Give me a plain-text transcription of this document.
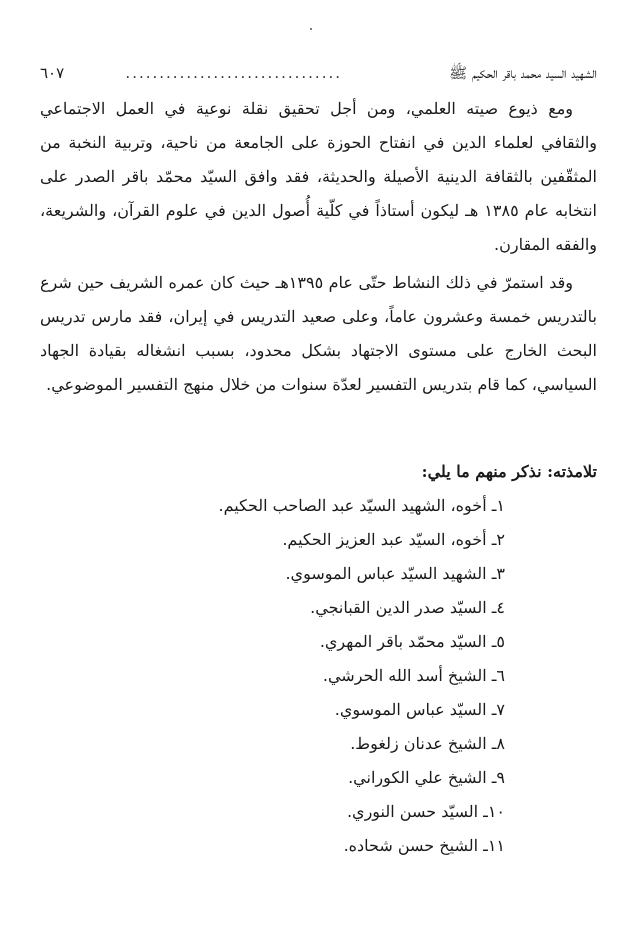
الشهيد السيد محمد باقر الحكيم ﷺ
................................
٦٠٧

ومع ذيوع صيته العلمي، ومن أجل تحقيق نقلة نوعية في العمل الاجتماعي والثقافي لعلماء الدين في انفتاح الحوزة على الجامعة من ناحية، وتربية النخبة من المثقّفين بالثقافة الدينية الأصيلة والحديثة، فقد وافق السيّد محمّد باقر الصدر على انتخابه عام ١٣٨٥ هـ ليكون أستاذاً في كلّية أُصول الدين في علوم القرآن، والشريعة، والفقه المقارن.

وقد استمرّ في ذلك النشاط حتّى عام ١٣٩٥هـ حيث كان عمره الشريف حين شرع بالتدريس خمسة وعشرون عاماً، وعلى صعيد التدريس في إيران، فقد مارس تدريس البحث الخارج على مستوى الاجتهاد بشكل محدود، بسبب انشغاله بقيادة الجهاد السياسي، كما قام بتدريس التفسير لعدّة سنوات من خلال منهج التفسير الموضوعي.

تلامذته: نذكر منهم ما يلي:
١ـ أخوه، الشهيد السيّد عبد الصاحب الحكيم.
٢ـ أخوه، السيّد عبد العزيز الحكيم.
٣ـ الشهيد السيّد عباس الموسوي.
٤ـ السيّد صدر الدين القبانجي.
٥ـ السيّد محمّد باقر المهري.
٦ـ الشيخ أسد الله الحرشي.
٧ـ السيّد عباس الموسوي.
٨ـ الشيخ عدنان زلغوط.
٩ـ الشيخ علي الكوراني.
١٠ـ السيّد حسن النوري.
١١ـ الشيخ حسن شحاده.
